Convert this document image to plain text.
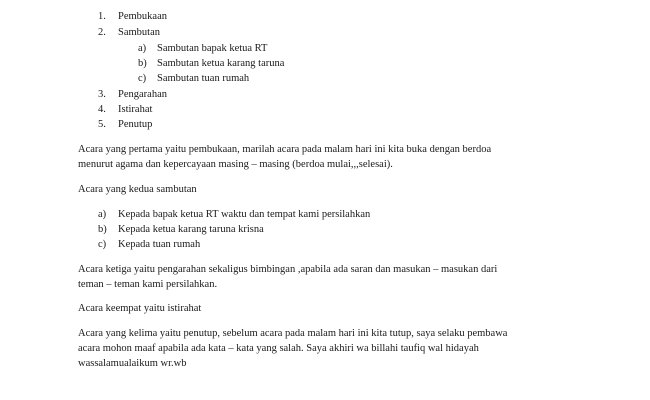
1. Pembukaan
2. Sambutan
a) Sambutan bapak ketua RT
b) Sambutan ketua karang taruna
c) Sambutan tuan rumah
3. Pengarahan
4. Istirahat
5. Penutup
Acara yang pertama yaitu pembukaan, marilah acara pada malam hari ini kita buka dengan berdoa
menurut agama dan kepercayaan masing – masing (berdoa mulai,,,selesai).
Acara yang kedua sambutan
a) Kepada bapak ketua RT waktu dan tempat kami persilahkan
b) Kepada ketua karang taruna krisna
c) Kepada tuan rumah
Acara ketiga yaitu pengarahan sekaligus bimbingan ,apabila ada saran dan masukan – masukan dari
teman – teman kami persilahkan.
Acara keempat yaitu istirahat
Acara yang kelima yaitu penutup, sebelum acara pada malam hari ini kita tutup, saya selaku pembawa
acara mohon maaf apabila ada kata – kata yang salah. Saya akhiri wa billahi taufiq wal hidayah
wassalamualaikum wr.wb
